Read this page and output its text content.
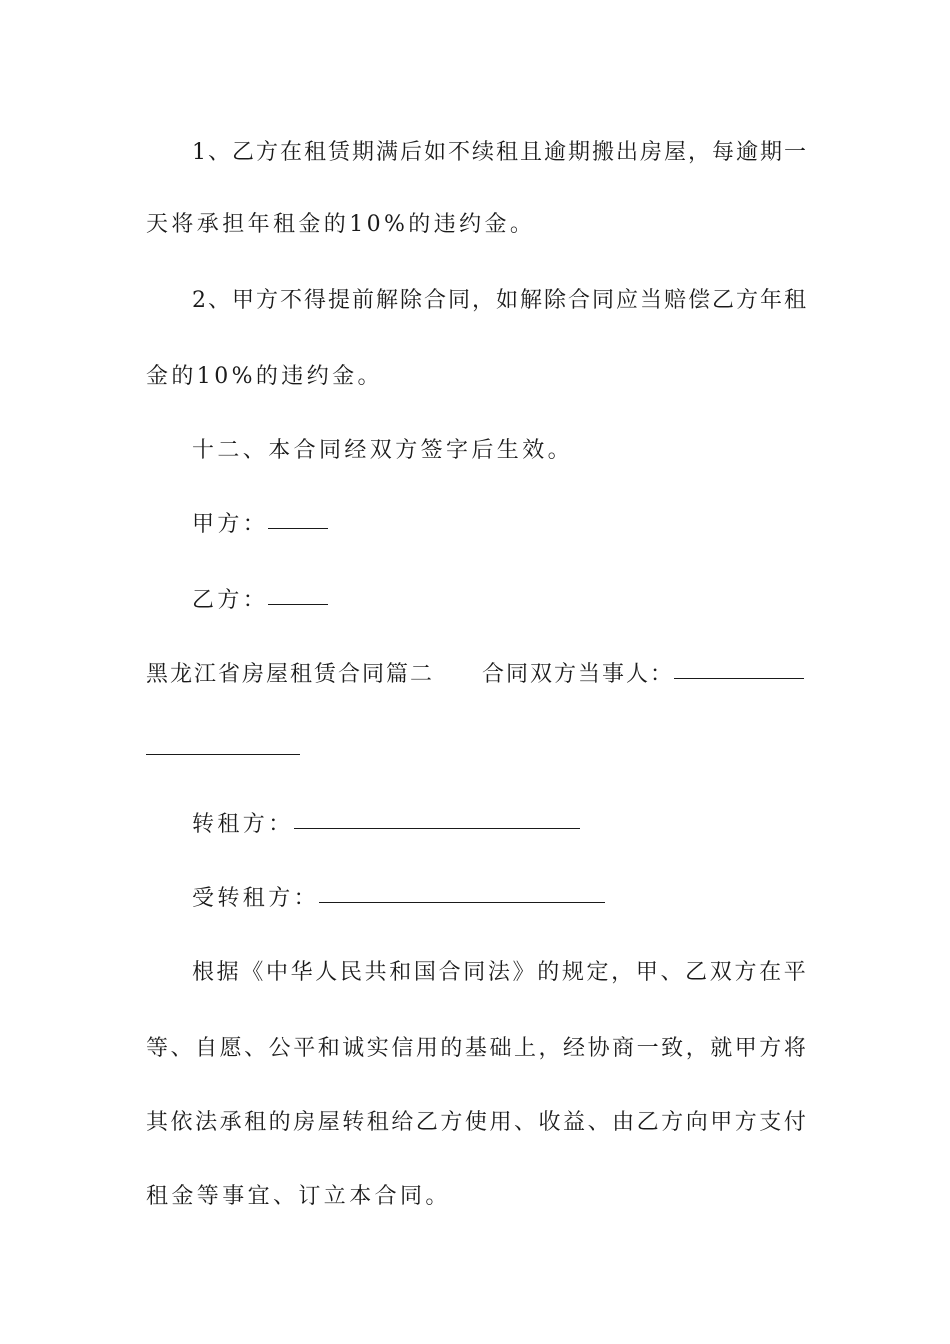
1 、 乙 方 在 租 赁 期 满 后 如 不 续 租 且 逾 期 搬 出 房 屋 ， 每 逾 期 一
天将承担年租金的10%的违约金。
2 、 甲 方 不 得 提 前 解 除 合 同 ， 如 解 除 合 同 应 当 赔 偿 乙 方 年 租
金的10%的违约金。
十二、本合同经双方签字后生效。
甲方：
乙方：
黑龙江省房屋租赁合同篇二 合同双方当事人：
转租方：
受转租方：
根 据 《 中 华 人 民 共 和 国 合 同 法 》 的 规 定 ， 甲 、 乙 双 方 在 平
等 、 自 愿 、 公 平 和 诚 实 信 用 的 基 础 上 ， 经 协 商 一 致 ， 就 甲 方 将
其 依 法 承 租 的 房 屋 转 租 给 乙 方 使 用 、 收 益 、 由 乙 方 向 甲 方 支 付
租金等事宜、订立本合同。
